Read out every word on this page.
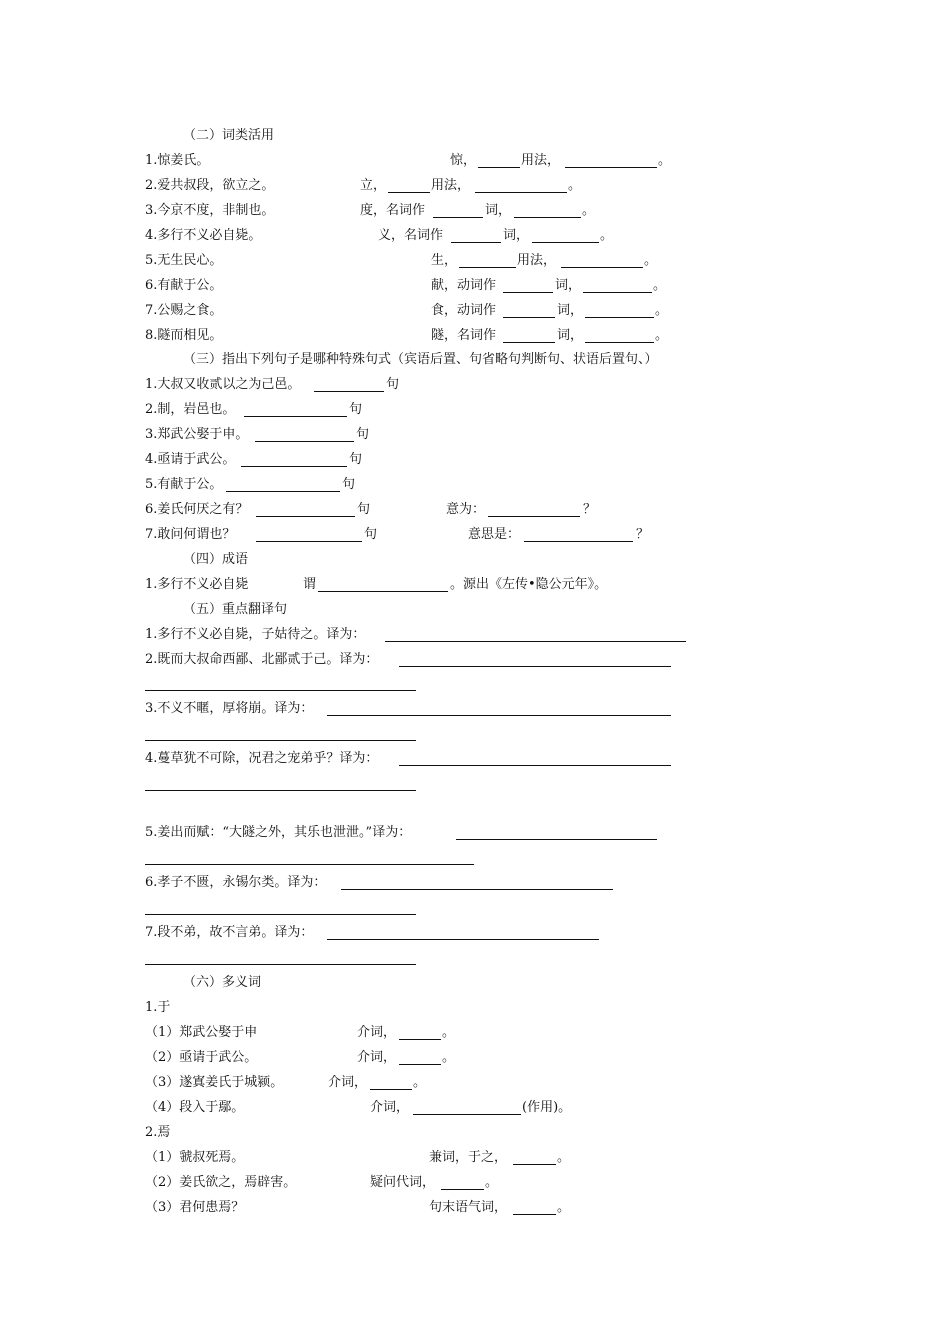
（二）词类活用
1.惊姜氏。	惊，	用法，	。
2.爱共叔段，欲立之。	立，	用法，	。
3.今京不度，非制也。	度，名词作	词，	。
4.多行不义必自毙。	义，名词作	词，	。
5.无生民心。	生，	用法，	。
6.有献于公。	献，动词作	词，	。
7.公赐之食。	食，动词作	词，	。
8.隧而相见。	隧，名词作	词，	。
（三）指出下列句子是哪种特殊句式（宾语后置、句省略句判断句、状语后置句、）
1.大叔又收贰以之为己邑。	句
2.制，岩邑也。	句
3.郑武公娶于申。	句
4.亟请于武公。	句
5.有献于公。	句
6.姜氏何厌之有？	句	意为：	？
7.敢问何谓也？	句	意思是：	？
（四）成语
1.多行不义必自毙	谓	。源出《左传•隐公元年》。
（五）重点翻译句
1.多行不义必自毙，子姑待之。译为：
2.既而大叔命西鄙、北鄙贰于己。译为：
3.不义不暱，厚将崩。译为：
4.蔓草犹不可除，况君之宠弟乎？译为：
5.姜出而赋：“大隧之外，其乐也泄泄。”译为：
6.孝子不匮，永锡尔类。译为：
7.段不弟，故不言弟。译为：
（六）多义词
1.于
（1）郑武公娶于申	介词，	。
（2）亟请于武公。	介词，	。
（3）遂寘姜氏于城颍。	介词，	。
（4）段入于鄢。	介词，	(作用)。
2.焉
（1）虢叔死焉。	兼词，于之，	。
（2）姜氏欲之，焉辟害。	疑问代词，	。
（3）君何患焉？	句末语气词，	。
